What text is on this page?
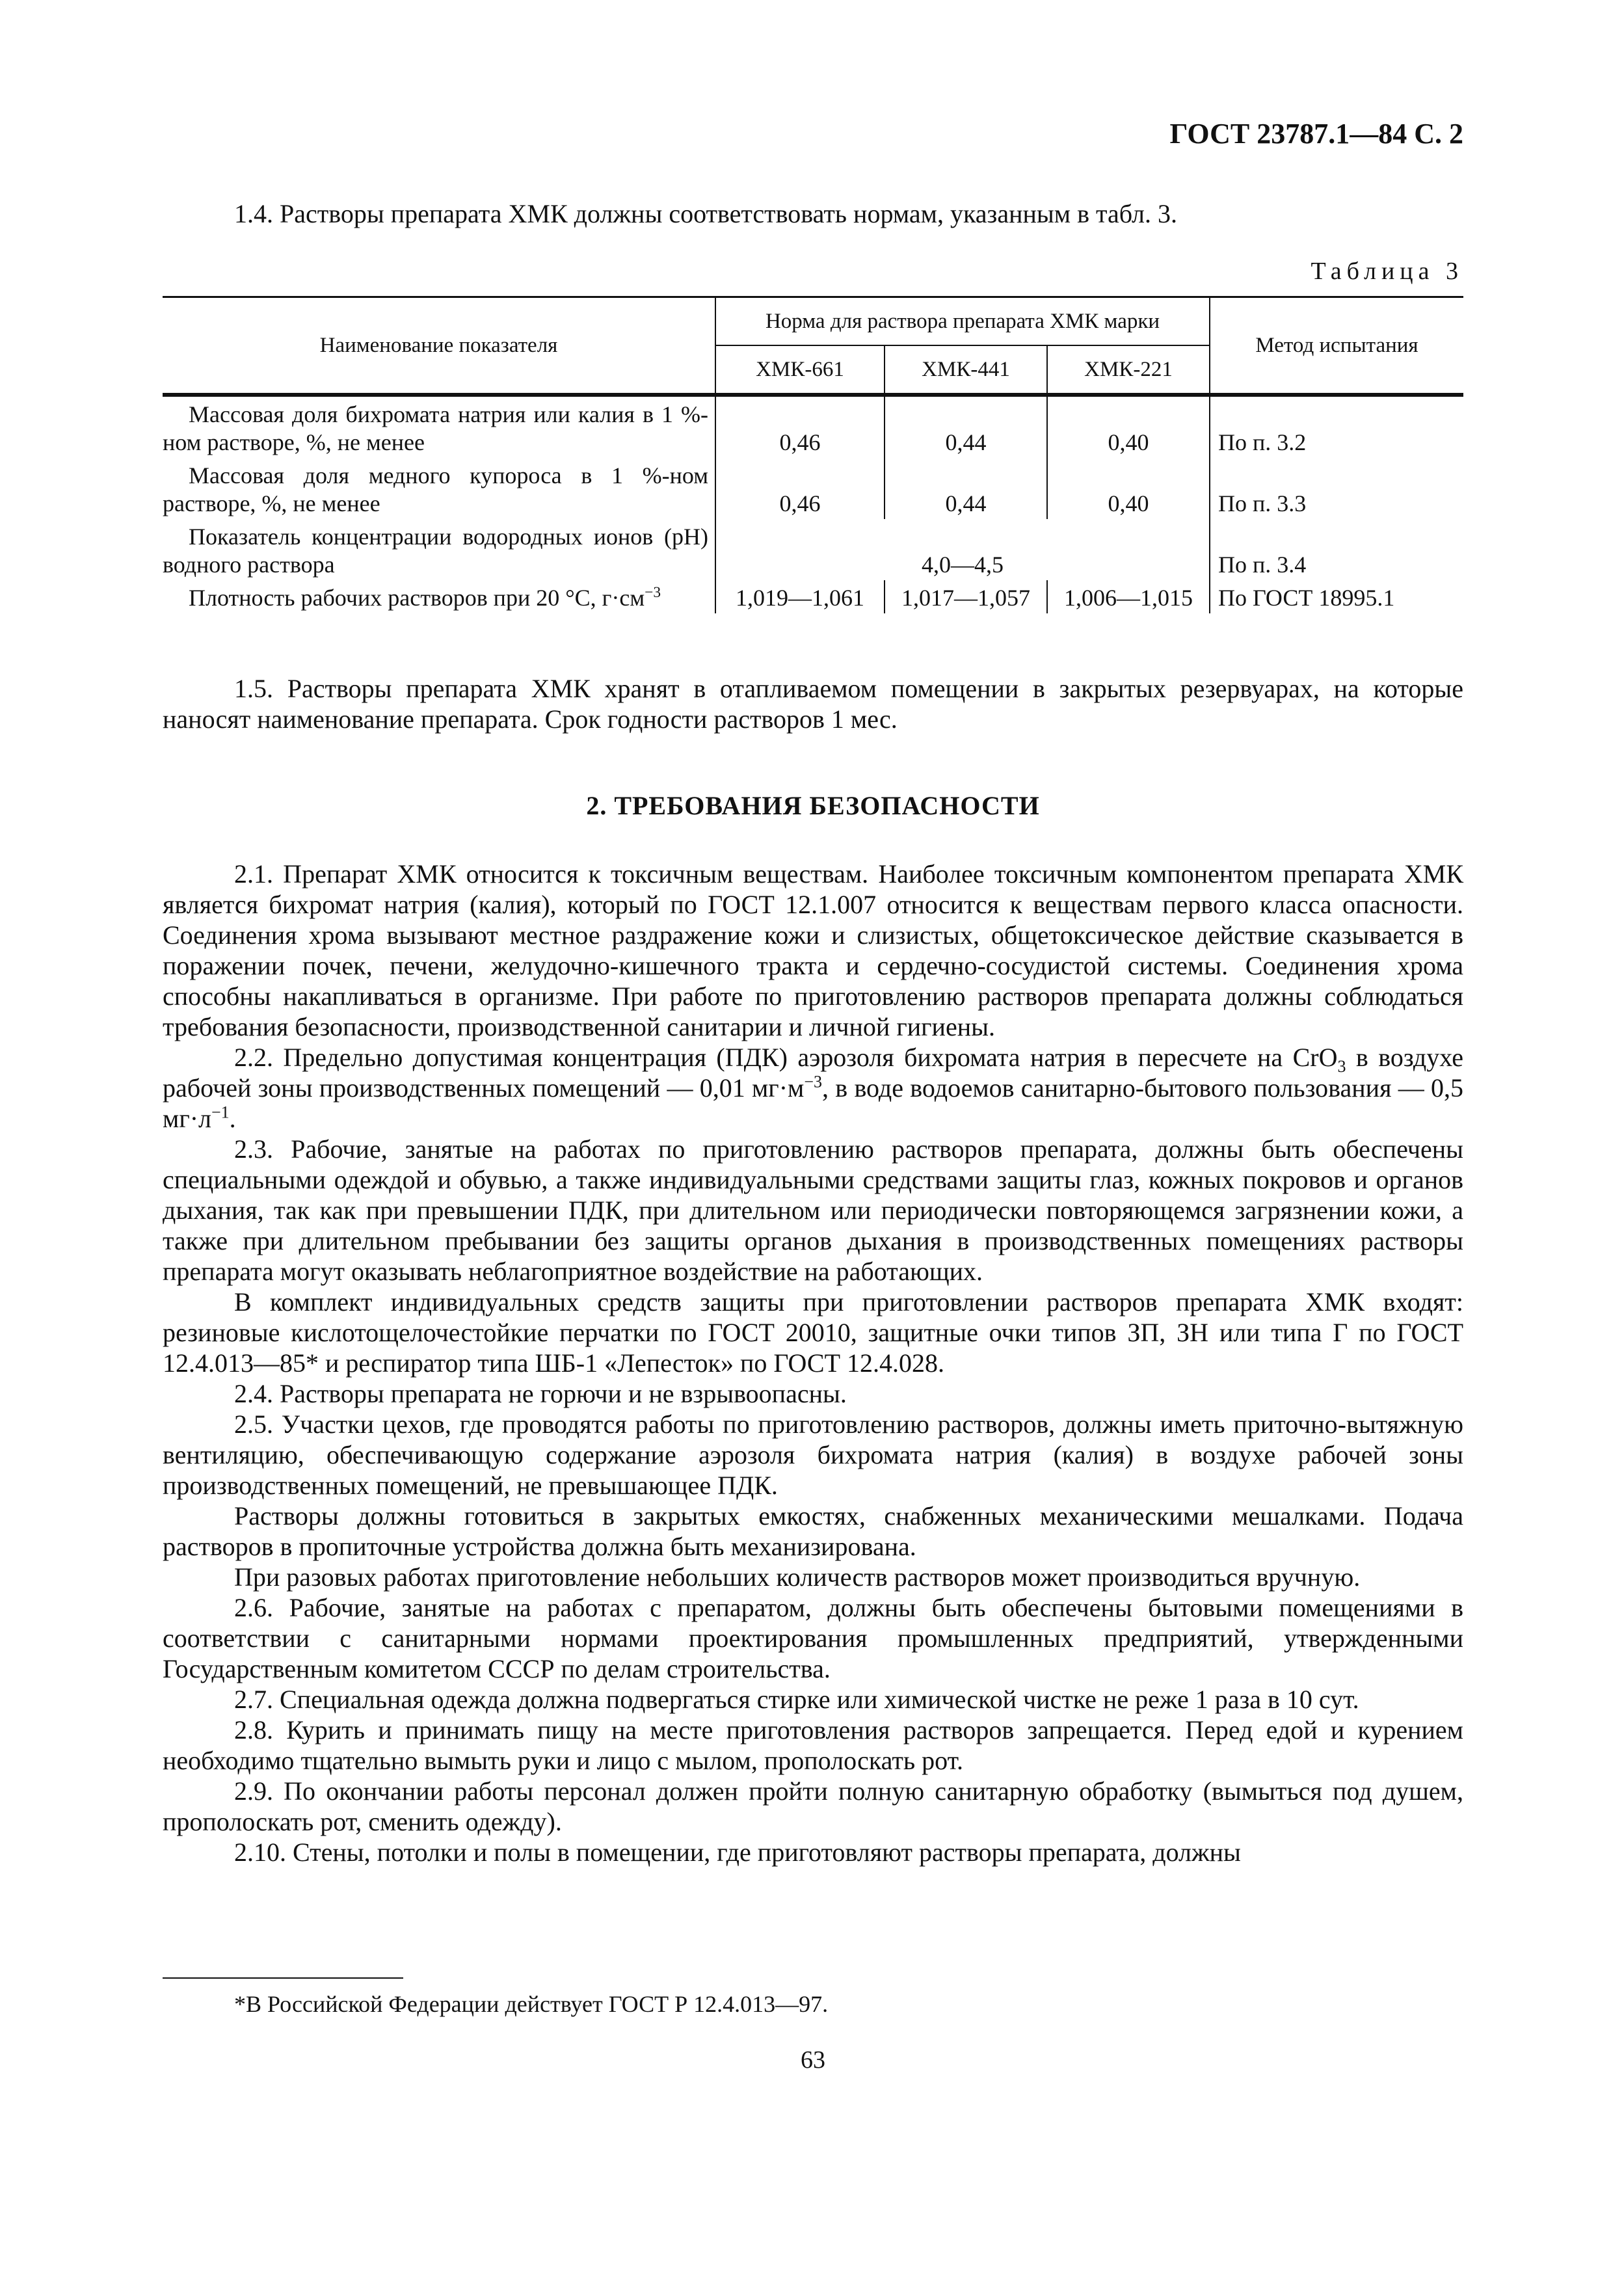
ГОСТ 23787.1—84 С. 2

1.4. Растворы препарата ХМК должны соответствовать нормам, указанным в табл. 3.

Таблица 3
Наименование показателя	Норма для раствора препарата ХМК марки			Метод испытания
	ХМК-661	ХМК-441	ХМК-221	

Массовая доля бихромата натрия или калия в 1 %-ном растворе, %, не менее	0,46	0,44	0,40	По п. 3.2

Массовая доля медного купороса в 1 %-ном растворе, %, не менее	0,46	0,44	0,40	По п. 3.3

Показатель концентрации водородных ионов (рН) водного раствора	4,0—4,5			По п. 3.4

Плотность рабочих растворов при 20 °С, $г\cdot см^{-3}$	1,019—1,061	1,017—1,057	1,006—1,015	По ГОСТ 18995.1

1.5. Растворы препарата ХМК хранят в отапливаемом помещении в закрытых резервуарах, на которые наносят наименование препарата. Срок годности растворов 1 мес.

2. ТРЕБОВАНИЯ БЕЗОПАСНОСТИ

2.1. Препарат ХМК относится к токсичным веществам. Наиболее токсичным компонентом препарата ХМК является бихромат натрия (калия), который по ГОСТ 12.1.007 относится к веществам первого класса опасности. Соединения хрома вызывают местное раздражение кожи и слизистых, общетоксическое действие сказывается в поражении почек, печени, желудочно-кишечного тракта и сердечно-сосудистой системы. Соединения хрома способны накапливаться в организме. При работе по приготовлению растворов препарата должны соблюдаться требования безопасности, производственной санитарии и личной гигиены.

2.2. Предельно допустимая концентрация (ПДК) аэрозоля бихромата натрия в пересчете на CrO$_3$ в воздухе рабочей зоны производственных помещений — 0,01 $мг\cdot м^{-3}$, в воде водоемов санитарно-бытового пользования — 0,5 $мг\cdot л^{-1}$.

2.3. Рабочие, занятые на работах по приготовлению растворов препарата, должны быть обеспечены специальными одеждой и обувью, а также индивидуальными средствами защиты глаз, кожных покровов и органов дыхания, так как при превышении ПДК, при длительном или периодически повторяющемся загрязнении кожи, а также при длительном пребывании без защиты органов дыхания в производственных помещениях растворы препарата могут оказывать неблагоприятное воздействие на работающих.

В комплект индивидуальных средств защиты при приготовлении растворов препарата ХМК входят: резиновые кислотощелочестойкие перчатки по ГОСТ 20010, защитные очки типов ЗП, ЗН или типа Г по ГОСТ 12.4.013—85* и респиратор типа ШБ-1 «Лепесток» по ГОСТ 12.4.028.

2.4. Растворы препарата не горючи и не взрывоопасны.

2.5. Участки цехов, где проводятся работы по приготовлению растворов, должны иметь приточно-вытяжную вентиляцию, обеспечивающую содержание аэрозоля бихромата натрия (калия) в воздухе рабочей зоны производственных помещений, не превышающее ПДК.

Растворы должны готовиться в закрытых емкостях, снабженных механическими мешалками. Подача растворов в пропиточные устройства должна быть механизирована.

При разовых работах приготовление небольших количеств растворов может производиться вручную.

2.6. Рабочие, занятые на работах с препаратом, должны быть обеспечены бытовыми помещениями в соответствии с санитарными нормами проектирования промышленных предприятий, утвержденными Государственным комитетом СССР по делам строительства.

2.7. Специальная одежда должна подвергаться стирке или химической чистке не реже 1 раза в 10 сут.

2.8. Курить и принимать пищу на месте приготовления растворов запрещается. Перед едой и курением необходимо тщательно вымыть руки и лицо с мылом, прополоскать рот.

2.9. По окончании работы персонал должен пройти полную санитарную обработку (вымыться под душем, прополоскать рот, сменить одежду).

2.10. Стены, потолки и полы в помещении, где приготовляют растворы препарата, должны

*В Российской Федерации действует ГОСТ Р 12.4.013—97.
63
